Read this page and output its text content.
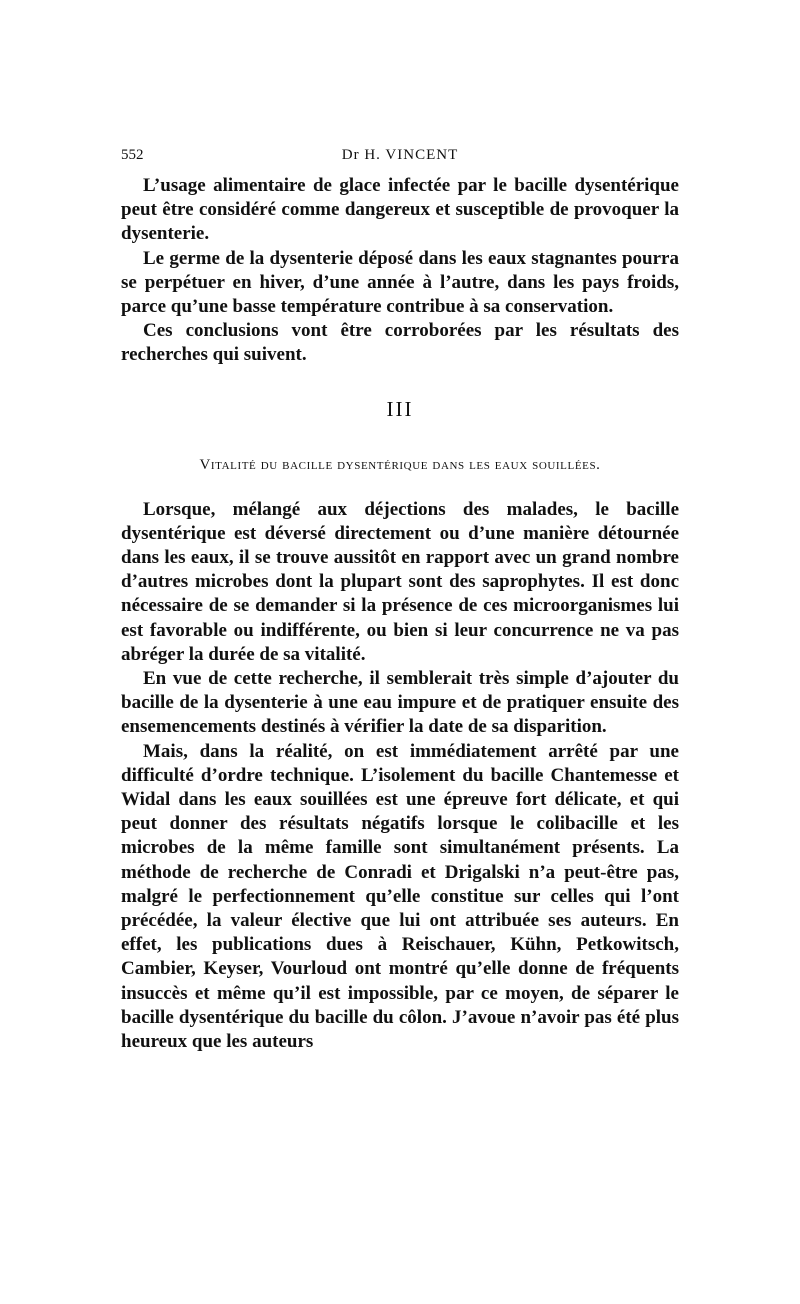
552	Dr H. VINCENT

L’usage alimentaire de glace infectée par le bacille dysentérique peut être considéré comme dangereux et susceptible de provoquer la dysenterie.

Le germe de la dysenterie déposé dans les eaux stagnantes pourra se perpétuer en hiver, d’une année à l’autre, dans les pays froids, parce qu’une basse température contribue à sa conservation.

Ces conclusions vont être corroborées par les résultats des recherches qui suivent.

III
Vitalité du bacille dysentérique dans les eaux souillées.

Lorsque, mélangé aux déjections des malades, le bacille dysentérique est déversé directement ou d’une manière détournée dans les eaux, il se trouve aussitôt en rapport avec un grand nombre d’autres microbes dont la plupart sont des saprophytes. Il est donc nécessaire de se demander si la présence de ces microorganismes lui est favorable ou indifférente, ou bien si leur concurrence ne va pas abréger la durée de sa vitalité.

En vue de cette recherche, il semblerait très simple d’ajouter du bacille de la dysenterie à une eau impure et de pratiquer ensuite des ensemencements destinés à vérifier la date de sa disparition.

Mais, dans la réalité, on est immédiatement arrêté par une difficulté d’ordre technique. L’isolement du bacille Chantemesse et Widal dans les eaux souillées est une épreuve fort délicate, et qui peut donner des résultats négatifs lorsque le colibacille et les microbes de la même famille sont simultanément présents. La méthode de recherche de Conradi et Drigalski n’a peut-être pas, malgré le perfectionnement qu’elle constitue sur celles qui l’ont précédée, la valeur élective que lui ont attribuée ses auteurs. En effet, les publications dues à Reischauer, Kühn, Petkowitsch, Cambier, Keyser, Vourloud ont montré qu’elle donne de fréquents insuccès et même qu’il est impossible, par ce moyen, de séparer le bacille dysentérique du bacille du côlon. J’avoue n’avoir pas été plus heureux que les auteurs
